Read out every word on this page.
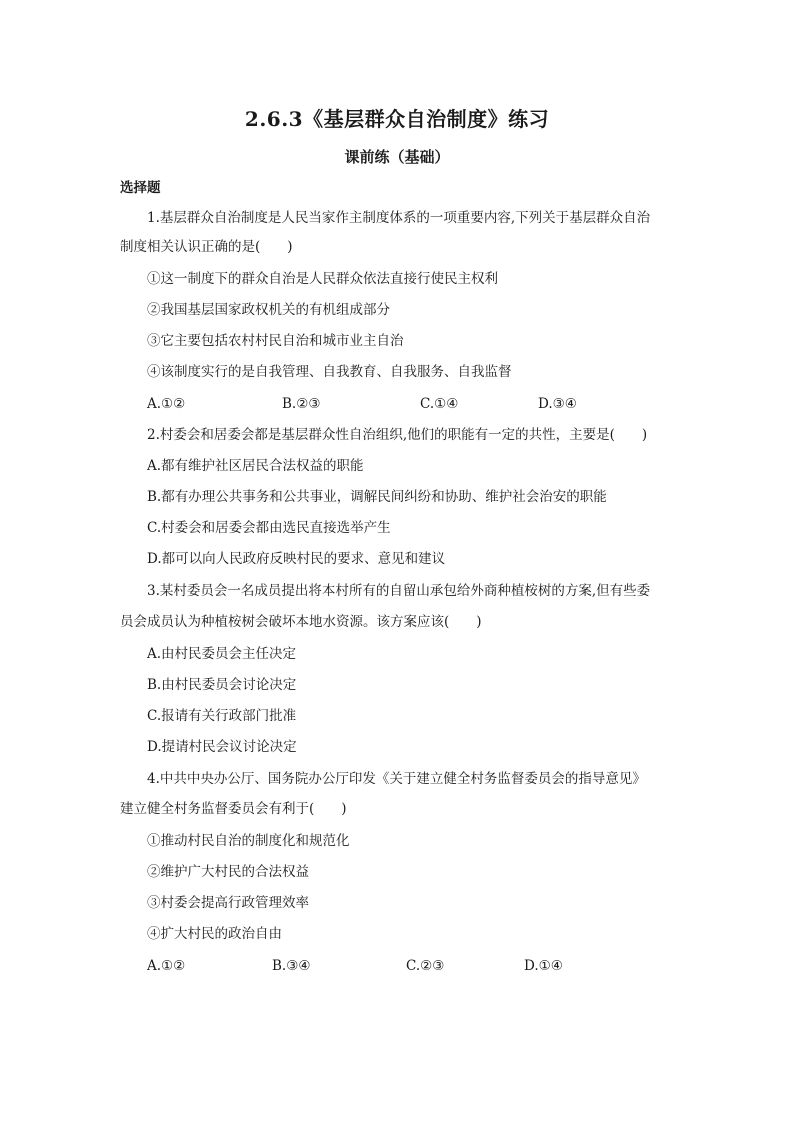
2.6.3《基层群众自治制度》练习
课前练（基础）
选择题
1.基层群众自治制度是人民当家作主制度体系的一项重要内容,下列关于基层群众自治
制度相关认识正确的是(　　)
①这一制度下的群众自治是人民群众依法直接行使民主权利
②我国基层国家政权机关的有机组成部分
③它主要包括农村村民自治和城市业主自治
④该制度实行的是自我管理、自我教育、自我服务、自我监督
A.①②	B.②③	C.①④	D.③④
2.村委会和居委会都是基层群众性自治组织,他们的职能有一定的共性，主要是(　　)
A.都有维护社区居民合法权益的职能
B.都有办理公共事务和公共事业，调解民间纠纷和协助、维护社会治安的职能
C.村委会和居委会都由选民直接选举产生
D.都可以向人民政府反映村民的要求、意见和建议
3.某村委员会一名成员提出将本村所有的自留山承包给外商种植桉树的方案,但有些委
员会成员认为种植桉树会破坏本地水资源。该方案应该(　　)
A.由村民委员会主任决定
B.由村民委员会讨论决定
C.报请有关行政部门批准
D.提请村民会议讨论决定
4.中共中央办公厅、国务院办公厅印发《关于建立健全村务监督委员会的指导意见》
建立健全村务监督委员会有利于(　　)
①推动村民自治的制度化和规范化
②维护广大村民的合法权益
③村委会提高行政管理效率
④扩大村民的政治自由
A.①②	B.③④	C.②③	D.①④
